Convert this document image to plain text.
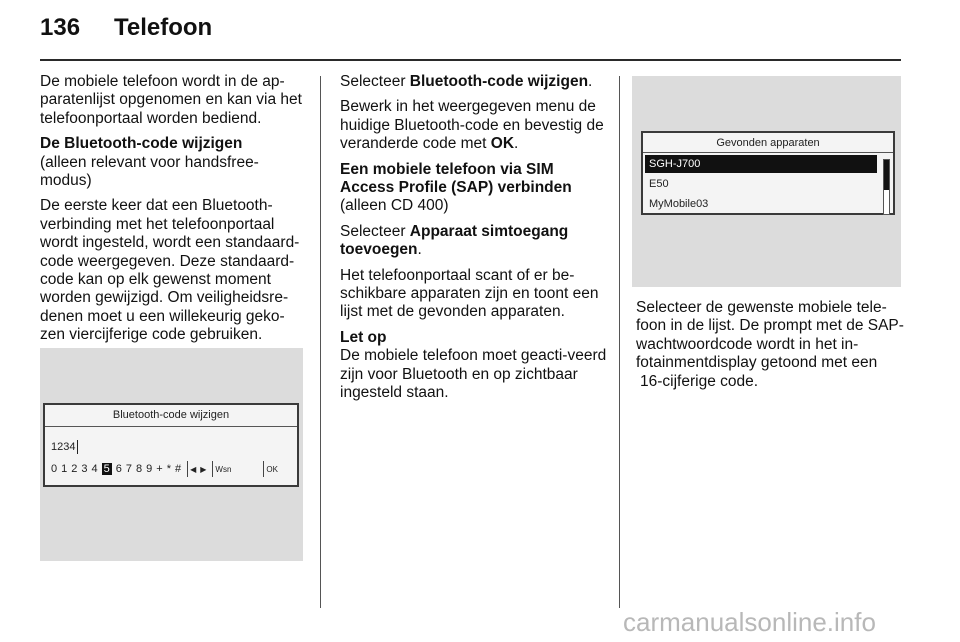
136 Telefoon

De mobiele telefoon wordt in de ap-paratenlijst opgenomen en kan via het telefoonportaal worden bediend.

De Bluetooth-code wijzigen
(alleen relevant voor handsfree-modus)

De eerste keer dat een Bluetooth-verbinding met het telefoonportaal wordt ingesteld, wordt een standaard-code weergegeven. Deze standaard-code kan op elk gewenst moment worden gewijzigd. Om veiligheidsre-denen moet u een willekeurig geko-zen viercijferige code gebruiken.

Bluetooth-code wijzigen
1234
0 1 2 3 4 5 6 7 8 9 + * # ◀ ▶ Wsn	OK

Selecteer Bluetooth-code wijzigen.

Bewerk in het weergegeven menu de huidige Bluetooth-code en bevestig de veranderde code met OK.

Een mobiele telefoon via SIM Access Profile (SAP) verbinden
(alleen CD 400)

Selecteer Apparaat simtoegang toevoegen.

Het telefoonportaal scant of er be-schikbare apparaten zijn en toont een lijst met de gevonden apparaten.

Let op
De mobiele telefoon moet geacti-veerd zijn voor Bluetooth en op zichtbaar ingesteld staan.

Gevonden apparaten
SGH-J700
E50
MyMobile03

Selecteer de gewenste mobiele tele-foon in de lijst. De prompt met de SAP-wachtwoordcode wordt in het in-fotainmentdisplay getoond met een

16-cijferige code.

carmanualsonline.info
